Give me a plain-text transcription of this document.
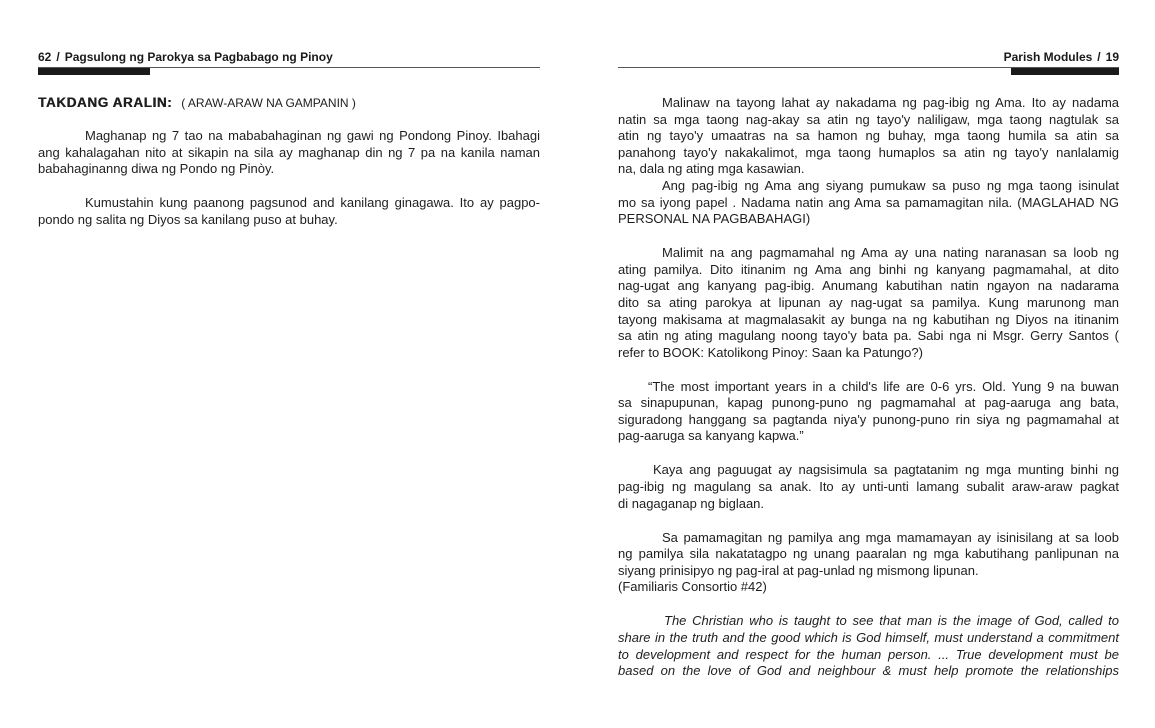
62 / Pagsulong ng Parokya sa Pagbabago ng Pinoy
TAKDANG ARALIN: ( ARAW-ARAW NA GAMPANIN )
Maghanap ng 7 tao na mababahaginan ng gawi ng Pondong Pinoy. Ibahagi
ang kahalagahan nito at sikapin na sila ay maghanap din ng 7 pa na kanila naman
babahaginanng diwa ng Pondo ng Pinòy.
Kumustahin kung paanong pagsunod and kanilang ginagawa. Ito ay pagpo-
pondo ng salita ng Diyos sa kanilang puso at buhay.
Parish Modules / 19
Malinaw na tayong lahat ay nakadama ng pag-ibig ng Ama. Ito ay nadama
natin sa mga taong nag-akay sa atin ng tayo'y naliligaw, mga taong nagtulak sa
atin ng tayo'y umaatras na sa hamon ng buhay, mga taong humila sa atin sa
panahong tayo'y nakakalimot, mga taong humaplos sa atin ng tayo'y nanlalamig
na, dala ng ating mga kasawian.
Ang pag-ibig ng Ama ang siyang pumukaw sa puso ng mga taong isinulat
mo sa iyong papel . Nadama natin ang Ama sa pamamagitan nila. (MAGLAHAD NG
PERSONAL NA PAGBABAHAGI)
Malimit na ang pagmamahal ng Ama ay una nating naranasan sa loob ng
ating pamilya. Dito itinanim ng Ama ang binhi ng kanyang pagmamahal, at dito
nag-ugat ang kanyang pag-ibig. Anumang kabutihan natin ngayon na nadarama
dito sa ating parokya at lipunan ay nag-ugat sa pamilya. Kung marunong man
tayong makisama at magmalasakit ay bunga na ng kabutihan ng Diyos na itinanim
sa atin ng ating magulang noong tayo'y bata pa. Sabi nga ni Msgr. Gerry Santos (
refer to BOOK: Katolikong Pinoy: Saan ka Patungo?)
“The most important years in a child's life are 0-6 yrs. Old. Yung 9 na buwan
sa sinapupunan, kapag punong-puno ng pagmamahal at pag-aaruga ang bata,
siguradong hanggang sa pagtanda niya'y punong-puno rin siya ng pagmamahal at
pag-aaruga sa kanyang kapwa.”
Kaya ang paguugat ay nagsisimula sa pagtatanim ng mga munting binhi ng
pag-ibig ng magulang sa anak. Ito ay unti-unti lamang subalit araw-araw pagkat
di nagaganap ng biglaan.
Sa pamamagitan ng pamilya ang mga mamamayan ay isinisilang at sa loob
ng pamilya sila nakatatagpo ng unang paaralan ng mga kabutihang panlipunan na
siyang prinisipyo ng pag-iral at pag-unlad ng mismong lipunan.
(Familiaris Consortio #42)
The Christian who is taught to see that man is the image of God, called to
share in the truth and the good which is God himself, must understand a commitment
to development and respect for the human person. ... True development must be
based on the love of God and neighbour & must help promote the relationships
